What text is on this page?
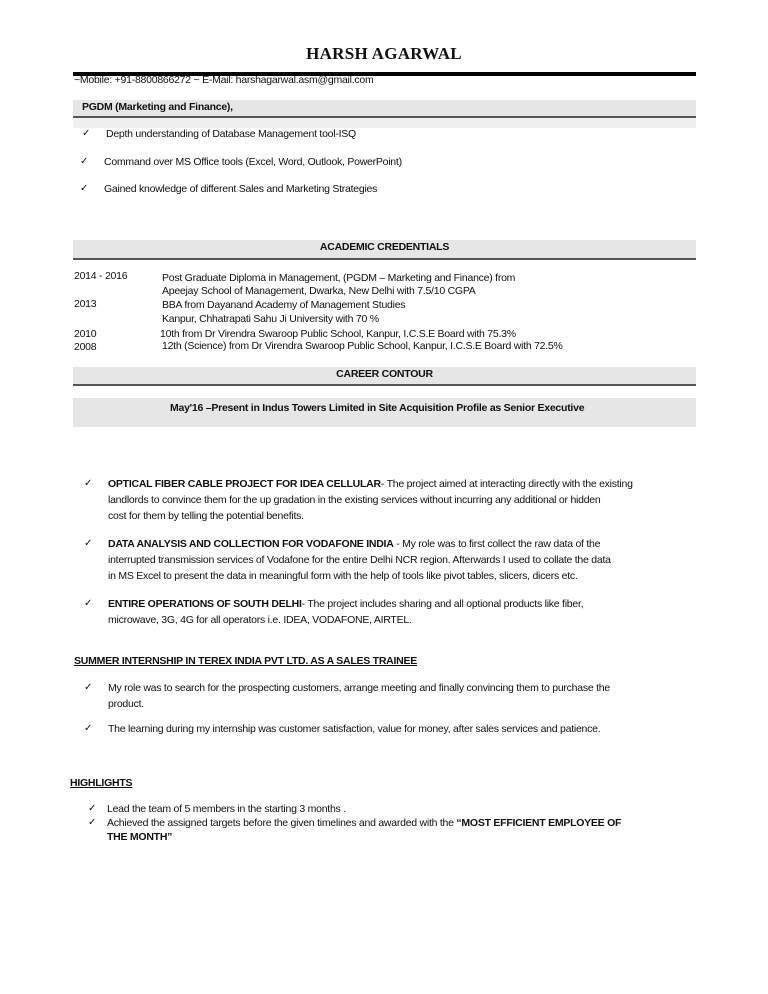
HARSH AGARWAL
~Mobile: +91-8800866272 ~ E-Mail: harshagarwal.asm@gmail.com
PGDM (Marketing and Finance),
✓ Depth understanding of Database Management tool-ISQ
✓ Command over MS Office tools (Excel, Word, Outlook, PowerPoint)
✓ Gained knowledge of different Sales and Marketing Strategies
ACADEMIC CREDENTIALS
2014 - 2016
2013
2010
2008
Post Graduate Diploma in Management, (PGDM – Marketing and Finance) from
Apeejay School of Management, Dwarka, New Delhi with 7.5/10 CGPA
BBA from Dayanand Academy of Management Studies
Kanpur, Chhatrapati Sahu Ji University with 70 %
10th from Dr Virendra Swaroop Public School, Kanpur, I.C.S.E Board with 75.3%
12th (Science) from Dr Virendra Swaroop Public School, Kanpur, I.C.S.E Board with 72.5%
CAREER CONTOUR
May'16 –Present in Indus Towers Limited in Site Acquisition Profile as Senior Executive
✓ OPTICAL FIBER CABLE PROJECT FOR IDEA CELLULAR- The project aimed at interacting directly with the existing
landlords to convince them for the up gradation in the existing services without incurring any additional or hidden
cost for them by telling the potential benefits.
✓ DATA ANALYSIS AND COLLECTION FOR VODAFONE INDIA - My role was to first collect the raw data of the
interrupted transmission services of Vodafone for the entire Delhi NCR region. Afterwards I used to collate the data
in MS Excel to present the data in meaningful form with the help of tools like pivot tables, slicers, dicers etc.
✓ ENTIRE OPERATIONS OF SOUTH DELHI- The project includes sharing and all optional products like fiber,
microwave, 3G, 4G for all operators i.e. IDEA, VODAFONE, AIRTEL.
SUMMER INTERNSHIP IN TEREX INDIA PVT LTD. AS A SALES TRAINEE
✓ My role was to search for the prospecting customers, arrange meeting and finally convincing them to purchase the
product.
✓ The learning during my internship was customer satisfaction, value for money, after sales services and patience.
HIGHLIGHTS
✓ Lead the team of 5 members in the starting 3 months .
✓ Achieved the assigned targets before the given timelines and awarded with the “MOST EFFICIENT EMPLOYEE OF
THE MONTH”
